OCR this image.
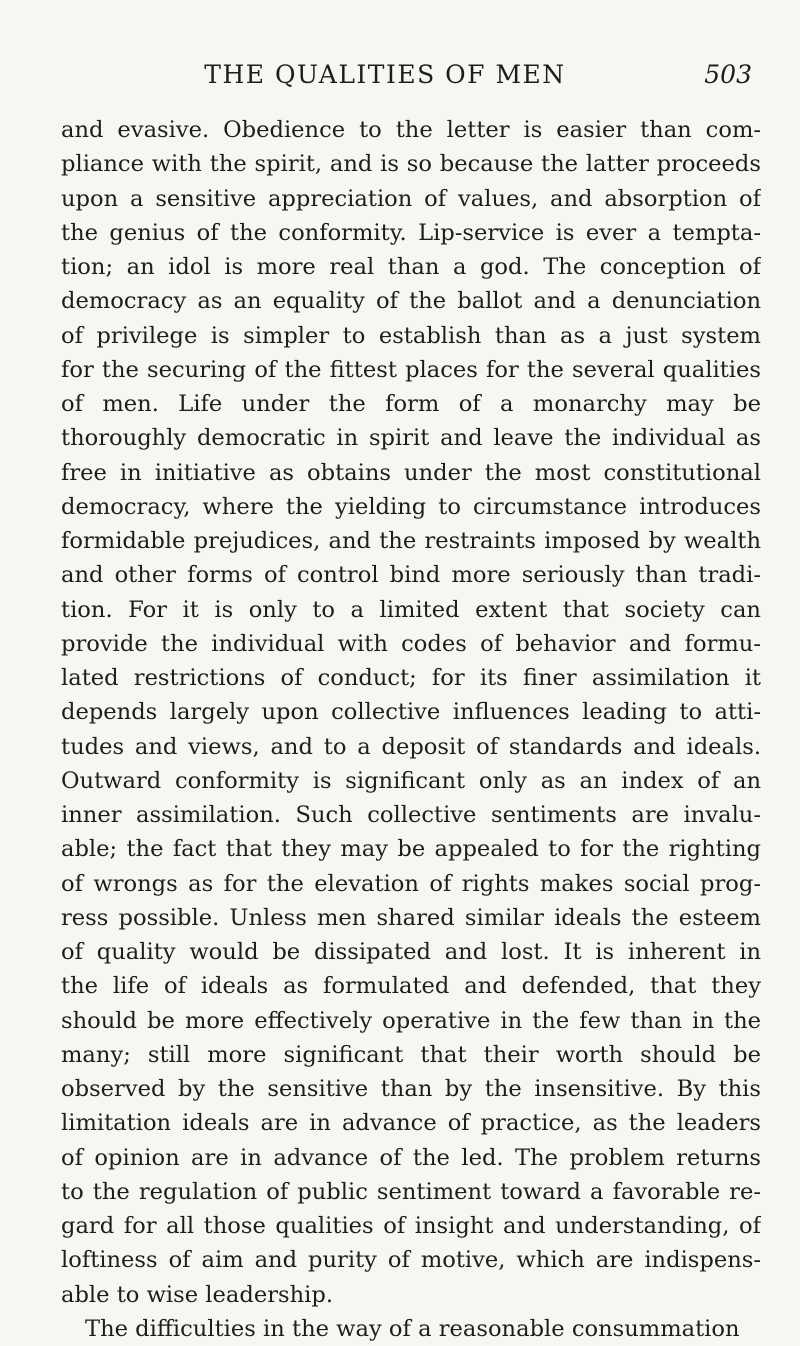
THE QUALITIES OF MEN	503
and evasive. Obedience to the letter is easier than com-
pliance with the spirit, and is so because the latter proceeds
upon a sensitive appreciation of values, and absorption of
the genius of the conformity. Lip-service is ever a tempta-
tion; an idol is more real than a god. The conception of
democracy as an equality of the ballot and a denunciation
of privilege is simpler to establish than as a just system
for the securing of the fittest places for the several qualities
of men. Life under the form of a monarchy may be
thoroughly democratic in spirit and leave the individual as
free in initiative as obtains under the most constitutional
democracy, where the yielding to circumstance introduces
formidable prejudices, and the restraints imposed by wealth
and other forms of control bind more seriously than tradi-
tion. For it is only to a limited extent that society can
provide the individual with codes of behavior and formu-
lated restrictions of conduct; for its finer assimilation it
depends largely upon collective influences leading to atti-
tudes and views, and to a deposit of standards and ideals.
Outward conformity is significant only as an index of an
inner assimilation. Such collective sentiments are invalu-
able; the fact that they may be appealed to for the righting
of wrongs as for the elevation of rights makes social prog-
ress possible. Unless men shared similar ideals the esteem
of quality would be dissipated and lost. It is inherent in
the life of ideals as formulated and defended, that they
should be more effectively operative in the few than in the
many; still more significant that their worth should be
observed by the sensitive than by the insensitive. By this
limitation ideals are in advance of practice, as the leaders
of opinion are in advance of the led. The problem returns
to the regulation of public sentiment toward a favorable re-
gard for all those qualities of insight and understanding, of
loftiness of aim and purity of motive, which are indispens-
able to wise leadership.
The difficulties in the way of a reasonable consummation
